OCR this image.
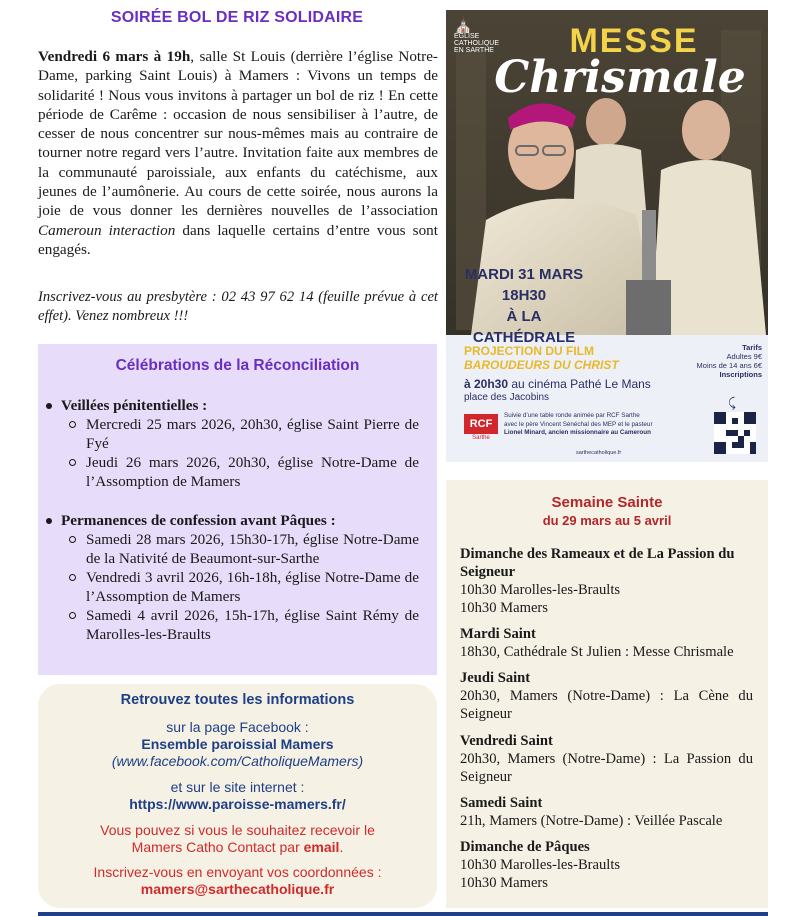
SOIRÉE BOL DE RIZ SOLIDAIRE
Vendredi 6 mars à 19h, salle St Louis (derrière l’église Notre-Dame, parking Saint Louis) à Mamers : Vivons un temps de solidarité ! Nous vous invitons à partager un bol de riz ! En cette période de Carême : occasion de nous sensibiliser à l’autre, de cesser de nous concentrer sur nous-mêmes mais au contraire de tourner notre regard vers l’autre. Invitation faite aux membres de la communauté paroissiale, aux enfants du catéchisme, aux jeunes de l’aumônerie. Au cours de cette soirée, nous aurons la joie de vous donner les dernières nouvelles de l’association Cameroun interaction dans laquelle certains d’entre vous sont engagés.
Inscrivez-vous au presbytère : 02 43 97 62 14 (feuille prévue à cet effet). Venez nombreux !!!
Célébrations de la Réconciliation
Veillées pénitentielles :
Mercredi 25 mars 2026, 20h30, église Saint Pierre de Fyé
Jeudi 26 mars 2026, 20h30, église Notre-Dame de l’Assomption de Mamers
Permanences de confession avant Pâques :
Samedi 28 mars 2026, 15h30-17h, église Notre-Dame de la Nativité de Beaumont-sur-Sarthe
Vendredi 3 avril 2026, 16h-18h, église Notre-Dame de l’Assomption de Mamers
Samedi 4 avril 2026, 15h-17h, église Saint Rémy de Marolles-les-Braults
Retrouvez toutes les informations
sur la page Facebook :
Ensemble paroissial Mamers
(www.facebook.com/CatholiqueMamers)
et sur le site internet :
https://www.paroisse-mamers.fr/
Vous pouvez si vous le souhaitez recevoir le
Mamers Catho Contact par email.
Inscrivez-vous en envoyant vos coordonnées :
mamers@sarthecatholique.fr
⛪
ÉGLISE
CATHOLIQUE
EN SARTHE	MESSE
Chrismale
MARDI 31 MARS
18H30
À LA CATHÉDRALE
PROJECTION DU FILM
BAROUDEURS DU CHRIST
à 20h30 au cinéma Pathé Le Mans
place des Jacobins
Tarifs
Adultes 9€
Moins de 14 ans 6€
Inscriptions
RCF
Sarthe
Suivie d’une table ronde animée par RCF Sarthe
avec le père Vincent Sénéchal des MEP et le pasteur
Lionel Minard, ancien missionnaire au Cameroun
sarthecatholique.fr
⤹
Semaine Sainte
du 29 mars au 5 avril
Dimanche des Rameaux et de La Passion du Seigneur
10h30 Marolles-les-Braults
10h30 Mamers
Mardi Saint
18h30, Cathédrale St Julien : Messe Chrismale
Jeudi Saint
20h30, Mamers (Notre-Dame) : La Cène du Seigneur
Vendredi Saint
20h30, Mamers (Notre-Dame) : La Passion du Seigneur
Samedi Saint
21h, Mamers (Notre-Dame) : Veillée Pascale
Dimanche de Pâques
10h30 Marolles-les-Braults
10h30 Mamers
